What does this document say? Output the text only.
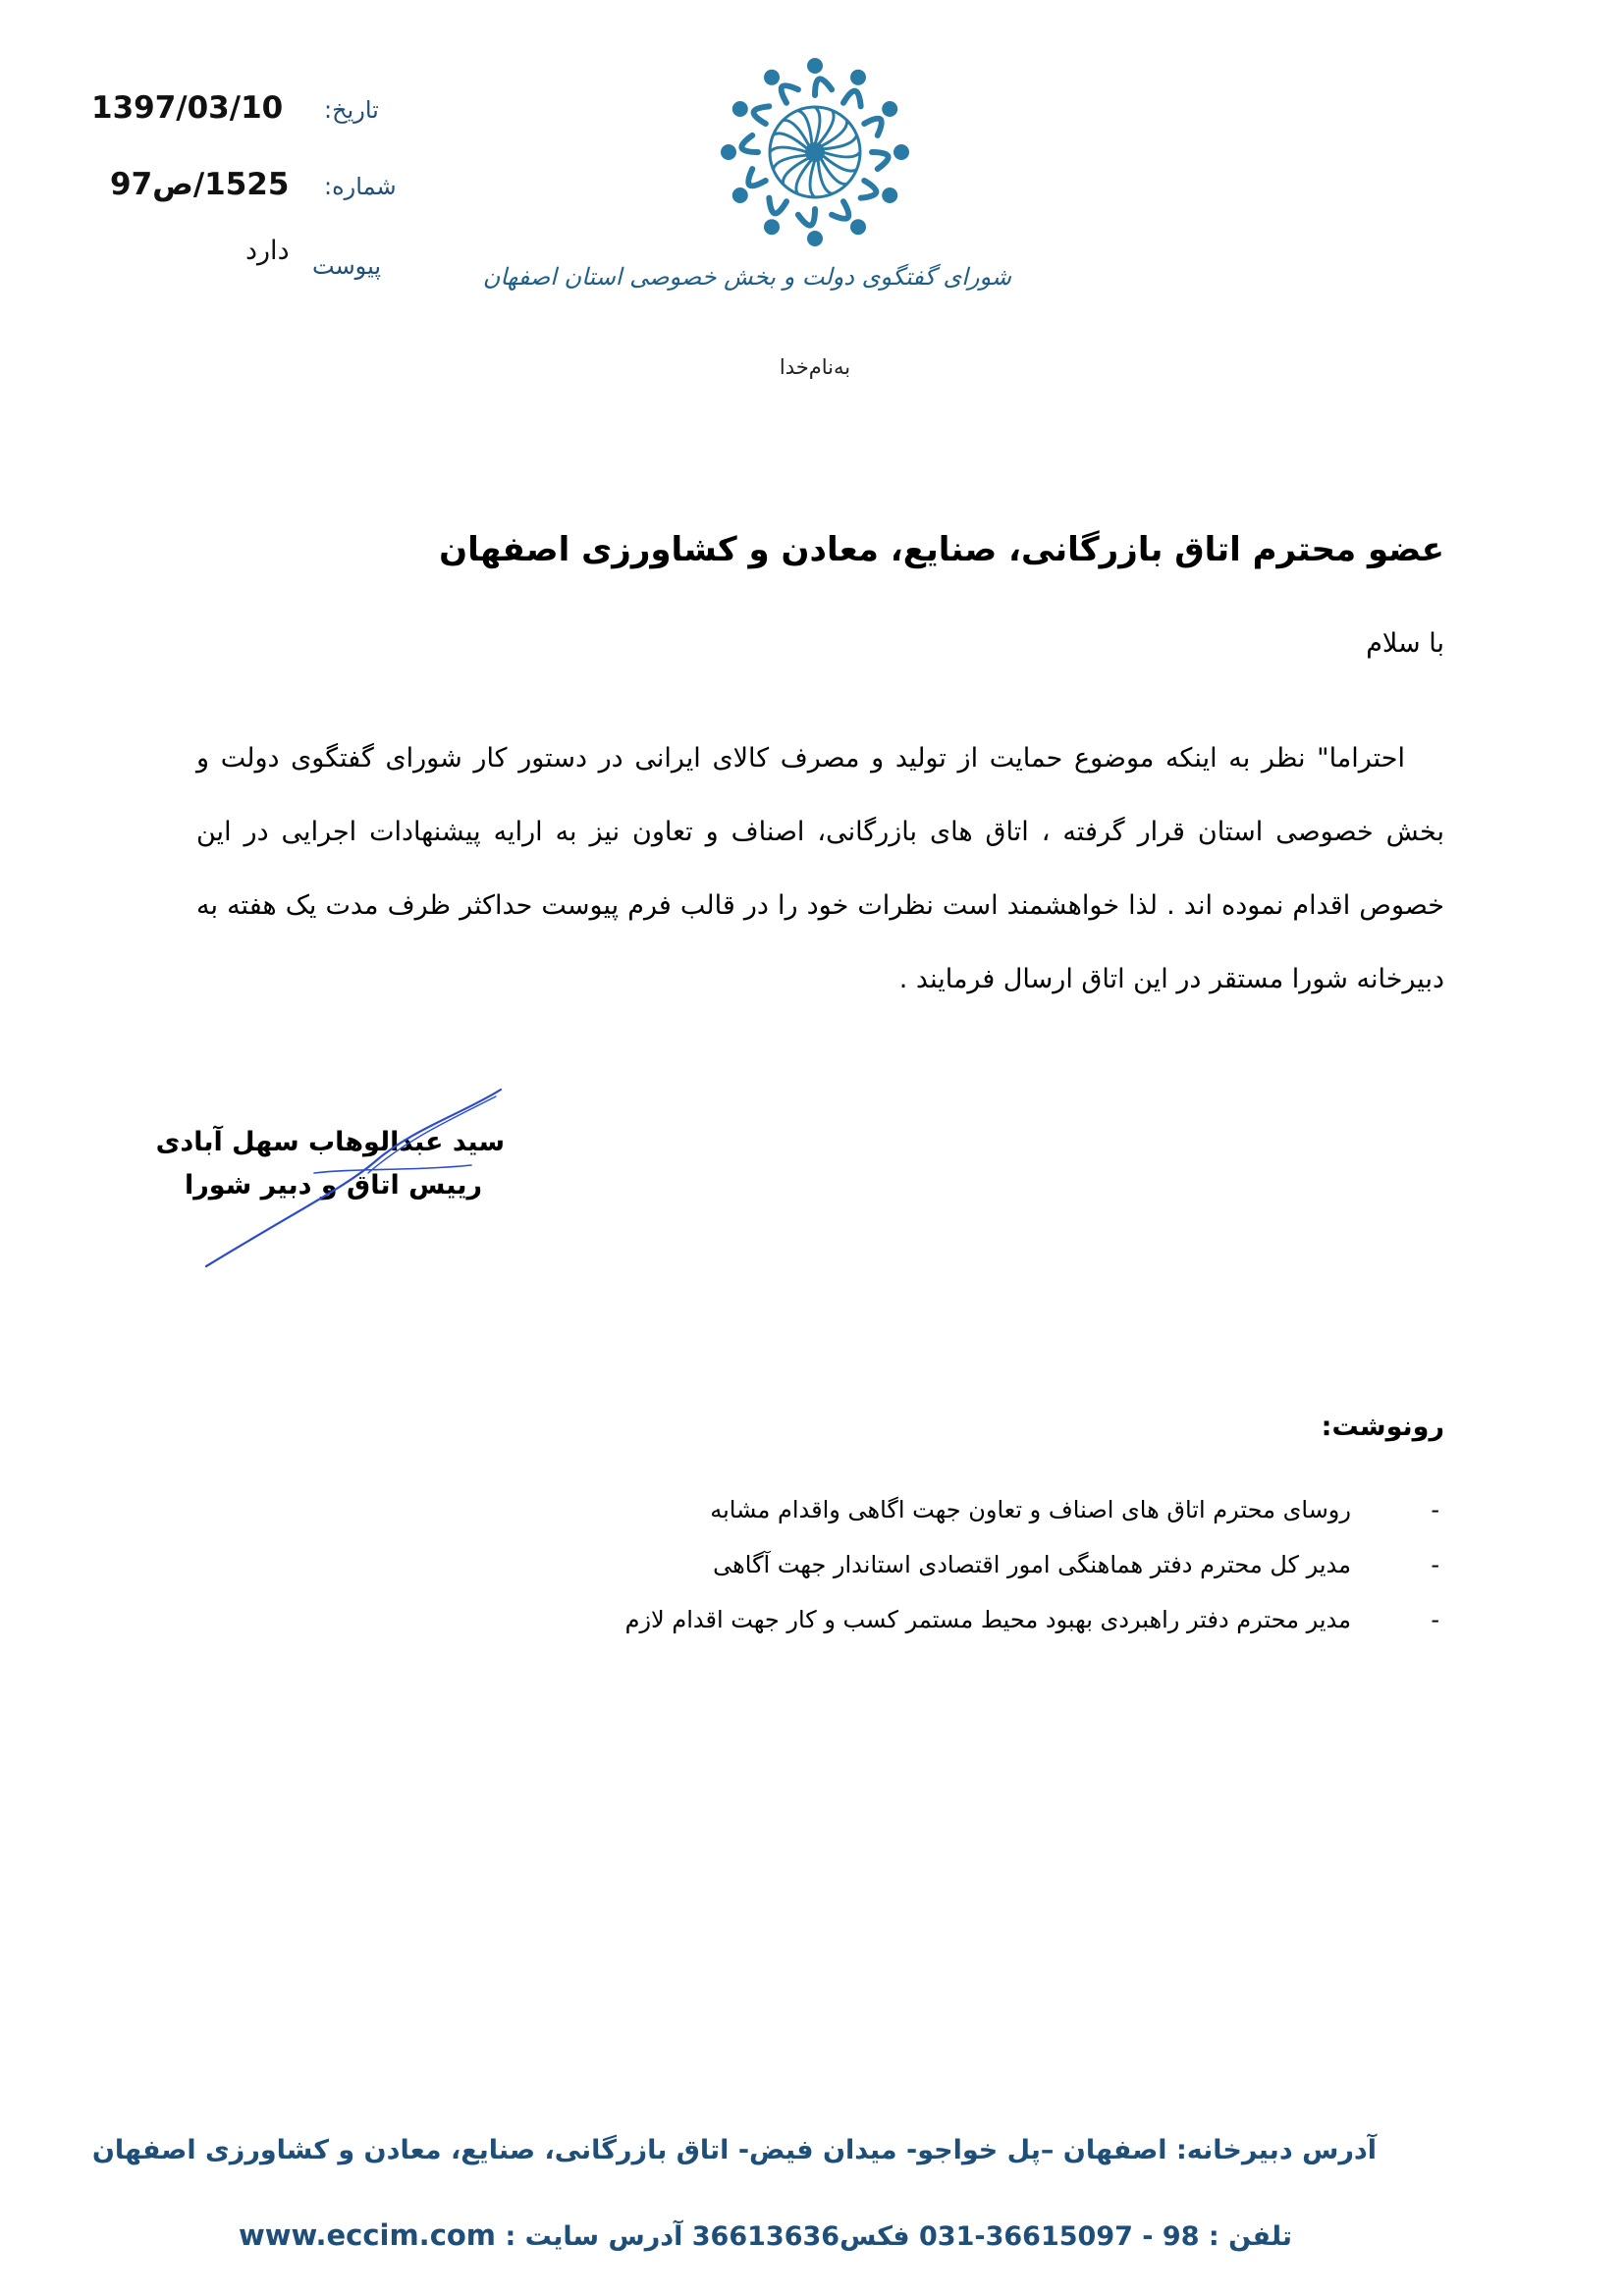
تاریخ:
1397/03/10
شماره:
1525/ص97
پیوست
دارد
شورای گفتگوی دولت و بخش خصوصی استان اصفهان
به‌نام‌خدا
عضو محترم اتاق بازرگانی، صنایع، معادن و کشاورزی اصفهان
با سلام

احتراما" نظر به اینکه موضوع حمایت از تولید و مصرف کالای ایرانی در دستور کار شورای گفتگوی دولت و بخش خصوصی استان قرار گرفته ، اتاق های بازرگانی، اصناف و تعاون نیز به ارایه پیشنهادات اجرایی در این خصوص اقدام نموده اند . لذا خواهشمند است نظرات خود را در قالب فرم پیوست حداکثر ظرف مدت یک هفته به دبیرخانه شورا مستقر در این اتاق ارسال فرمایند .

سید عبدالوهاب سهل آبادی
رییس اتاق و دبیر شورا
رونوشت:
-
روسای محترم اتاق های اصناف و تعاون جهت اگاهی واقدام مشابه
-
مدیر کل محترم دفتر هماهنگی امور اقتصادی استاندار جهت آگاهی
-
مدیر محترم دفتر راهبردی بهبود محیط مستمر کسب و کار جهت اقدام لازم
آدرس دبیرخانه: اصفهان –پل خواجو- میدان فیض- اتاق بازرگانی، صنایع، معادن و کشاورزی اصفهان
تلفن : 98 - 36615097-031 فکس36613636 آدرس سایت : www.eccim.com
